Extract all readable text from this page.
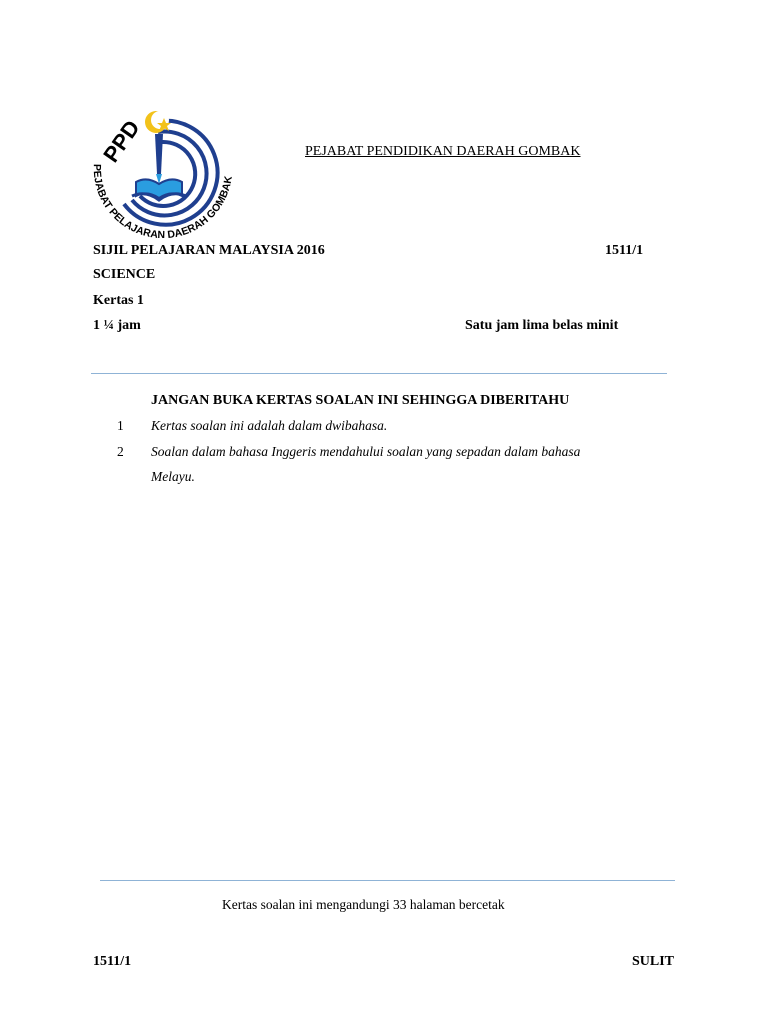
PPD
PEJABAT PELAJARAN DAERAH GOMBAK
PEJABAT PENDIDIKAN DAERAH GOMBAK
SIJIL PELAJARAN MALAYSIA 2016	1511/1
SCIENCE
Kertas 1
1 ¼ jam	Satu jam lima belas minit
JANGAN BUKA KERTAS SOALAN INI SEHINGGA DIBERITAHU
1 Kertas soalan ini adalah dalam dwibahasa.
2 Soalan dalam bahasa Inggeris mendahului soalan yang sepadan dalam bahasa
Melayu.
Kertas soalan ini mengandungi 33 halaman bercetak
1511/1	SULIT
